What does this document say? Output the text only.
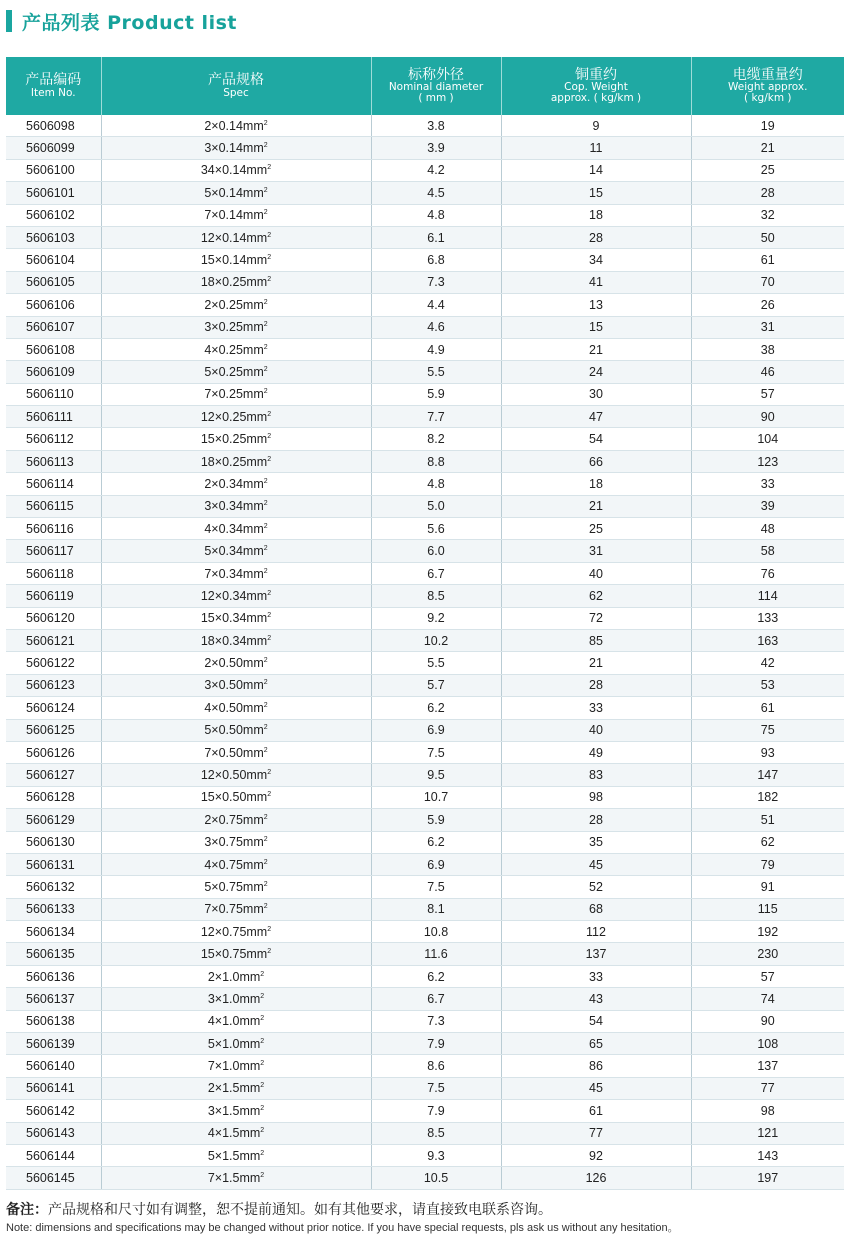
产品列表 Product list
产品编码
Item No.	产品规格
Spec	标称外径
Nominal diameter
( mm )	铜重约
Cop. Weight
approx. ( kg/km )	电缆重量约
Weight approx.
( kg/km )

5606098	$2\times 0.14mm^2$	3.8	9	19
5606099	$3\times 0.14mm^2$	3.9	11	21
5606100	$34\times 0.14mm^2$	4.2	14	25
5606101	$5\times 0.14mm^2$	4.5	15	28
5606102	$7\times 0.14mm^2$	4.8	18	32
5606103	$12\times 0.14mm^2$	6.1	28	50
5606104	$15\times 0.14mm^2$	6.8	34	61
5606105	$18\times 0.25mm^2$	7.3	41	70
5606106	$2\times 0.25mm^2$	4.4	13	26
5606107	$3\times 0.25mm^2$	4.6	15	31
5606108	$4\times 0.25mm^2$	4.9	21	38
5606109	$5\times 0.25mm^2$	5.5	24	46
5606110	$7\times 0.25mm^2$	5.9	30	57
5606111	$12\times 0.25mm^2$	7.7	47	90
5606112	$15\times 0.25mm^2$	8.2	54	104
5606113	$18\times 0.25mm^2$	8.8	66	123
5606114	$2\times 0.34mm^2$	4.8	18	33
5606115	$3\times 0.34mm^2$	5.0	21	39
5606116	$4\times 0.34mm^2$	5.6	25	48
5606117	$5\times 0.34mm^2$	6.0	31	58
5606118	$7\times 0.34mm^2$	6.7	40	76
5606119	$12\times 0.34mm^2$	8.5	62	114
5606120	$15\times 0.34mm^2$	9.2	72	133
5606121	$18\times 0.34mm^2$	10.2	85	163
5606122	$2\times 0.50mm^2$	5.5	21	42
5606123	$3\times 0.50mm^2$	5.7	28	53
5606124	$4\times 0.50mm^2$	6.2	33	61
5606125	$5\times 0.50mm^2$	6.9	40	75
5606126	$7\times 0.50mm^2$	7.5	49	93
5606127	$12\times 0.50mm^2$	9.5	83	147
5606128	$15\times 0.50mm^2$	10.7	98	182
5606129	$2\times 0.75mm^2$	5.9	28	51
5606130	$3\times 0.75mm^2$	6.2	35	62
5606131	$4\times 0.75mm^2$	6.9	45	79
5606132	$5\times 0.75mm^2$	7.5	52	91
5606133	$7\times 0.75mm^2$	8.1	68	115
5606134	$12\times 0.75mm^2$	10.8	112	192
5606135	$15\times 0.75mm^2$	11.6	137	230
5606136	$2\times 1.0mm^2$	6.2	33	57
5606137	$3\times 1.0mm^2$	6.7	43	74
5606138	$4\times 1.0mm^2$	7.3	54	90
5606139	$5\times 1.0mm^2$	7.9	65	108
5606140	$7\times 1.0mm^2$	8.6	86	137
5606141	$2\times 1.5mm^2$	7.5	45	77
5606142	$3\times 1.5mm^2$	7.9	61	98
5606143	$4\times 1.5mm^2$	8.5	77	121
5606144	$5\times 1.5mm^2$	9.3	92	143
5606145	$7\times 1.5mm^2$	10.5	126	197
备注：产品规格和尺寸如有调整，恕不提前通知。如有其他要求，请直接致电联系咨询。
Note: dimensions and specifications may be changed without prior notice. If you have special requests, pls ask us without any hesitation。
